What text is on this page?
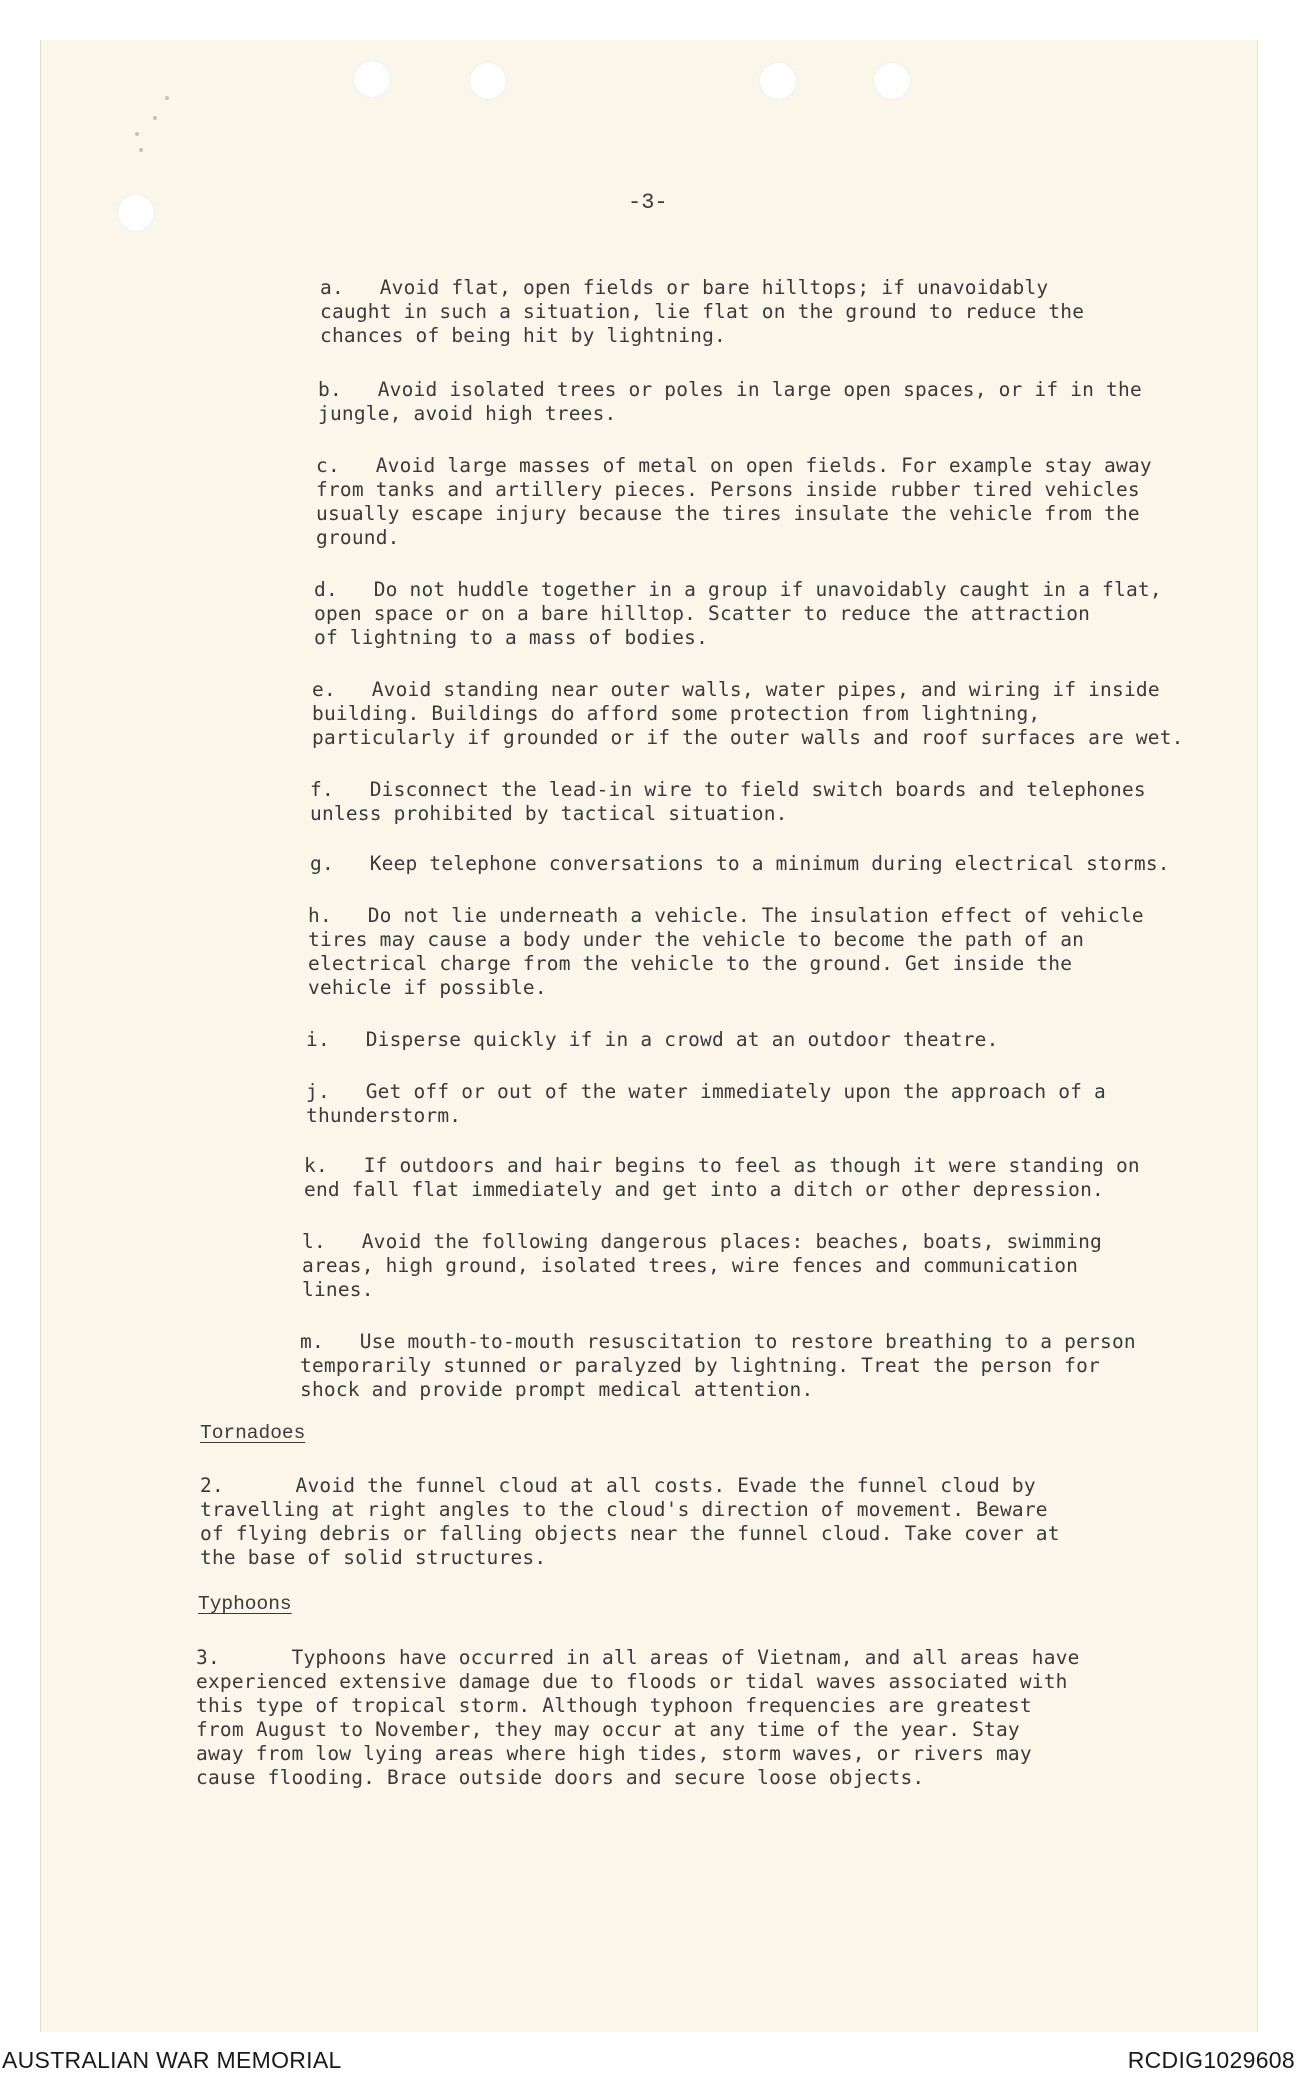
-3-
a. Avoid flat, open fields or bare hilltops; if unavoidably
caught in such a situation, lie flat on the ground to reduce the
chances of being hit by lightning.
b. Avoid isolated trees or poles in large open spaces, or if in the
jungle, avoid high trees.
c. Avoid large masses of metal on open fields. For example stay away
from tanks and artillery pieces. Persons inside rubber tired vehicles
usually escape injury because the tires insulate the vehicle from the
ground.
d. Do not huddle together in a group if unavoidably caught in a flat,
open space or on a bare hilltop. Scatter to reduce the attraction
of lightning to a mass of bodies.
e. Avoid standing near outer walls, water pipes, and wiring if inside
building. Buildings do afford some protection from lightning,
particularly if grounded or if the outer walls and roof surfaces are wet.
f. Disconnect the lead-in wire to field switch boards and telephones
unless prohibited by tactical situation.
g. Keep telephone conversations to a minimum during electrical storms.
h. Do not lie underneath a vehicle. The insulation effect of vehicle
tires may cause a body under the vehicle to become the path of an
electrical charge from the vehicle to the ground. Get inside the
vehicle if possible.
i. Disperse quickly if in a crowd at an outdoor theatre.
j. Get off or out of the water immediately upon the approach of a
thunderstorm.
k. If outdoors and hair begins to feel as though it were standing on
end fall flat immediately and get into a ditch or other depression.
l. Avoid the following dangerous places: beaches, boats, swimming
areas, high ground, isolated trees, wire fences and communication
lines.
m. Use mouth-to-mouth resuscitation to restore breathing to a person
temporarily stunned or paralyzed by lightning. Treat the person for
shock and provide prompt medical attention.
Tornadoes
2.	Avoid the funnel cloud at all costs. Evade the funnel cloud by
travelling at right angles to the cloud's direction of movement. Beware
of flying debris or falling objects near the funnel cloud. Take cover at
the base of solid structures.
Typhoons
3.	Typhoons have occurred in all areas of Vietnam, and all areas have
experienced extensive damage due to floods or tidal waves associated with
this type of tropical storm. Although typhoon frequencies are greatest
from August to November, they may occur at any time of the year. Stay
away from low lying areas where high tides, storm waves, or rivers may
cause flooding. Brace outside doors and secure loose objects.
AUSTRALIAN WAR MEMORIAL	RCDIG1029608
